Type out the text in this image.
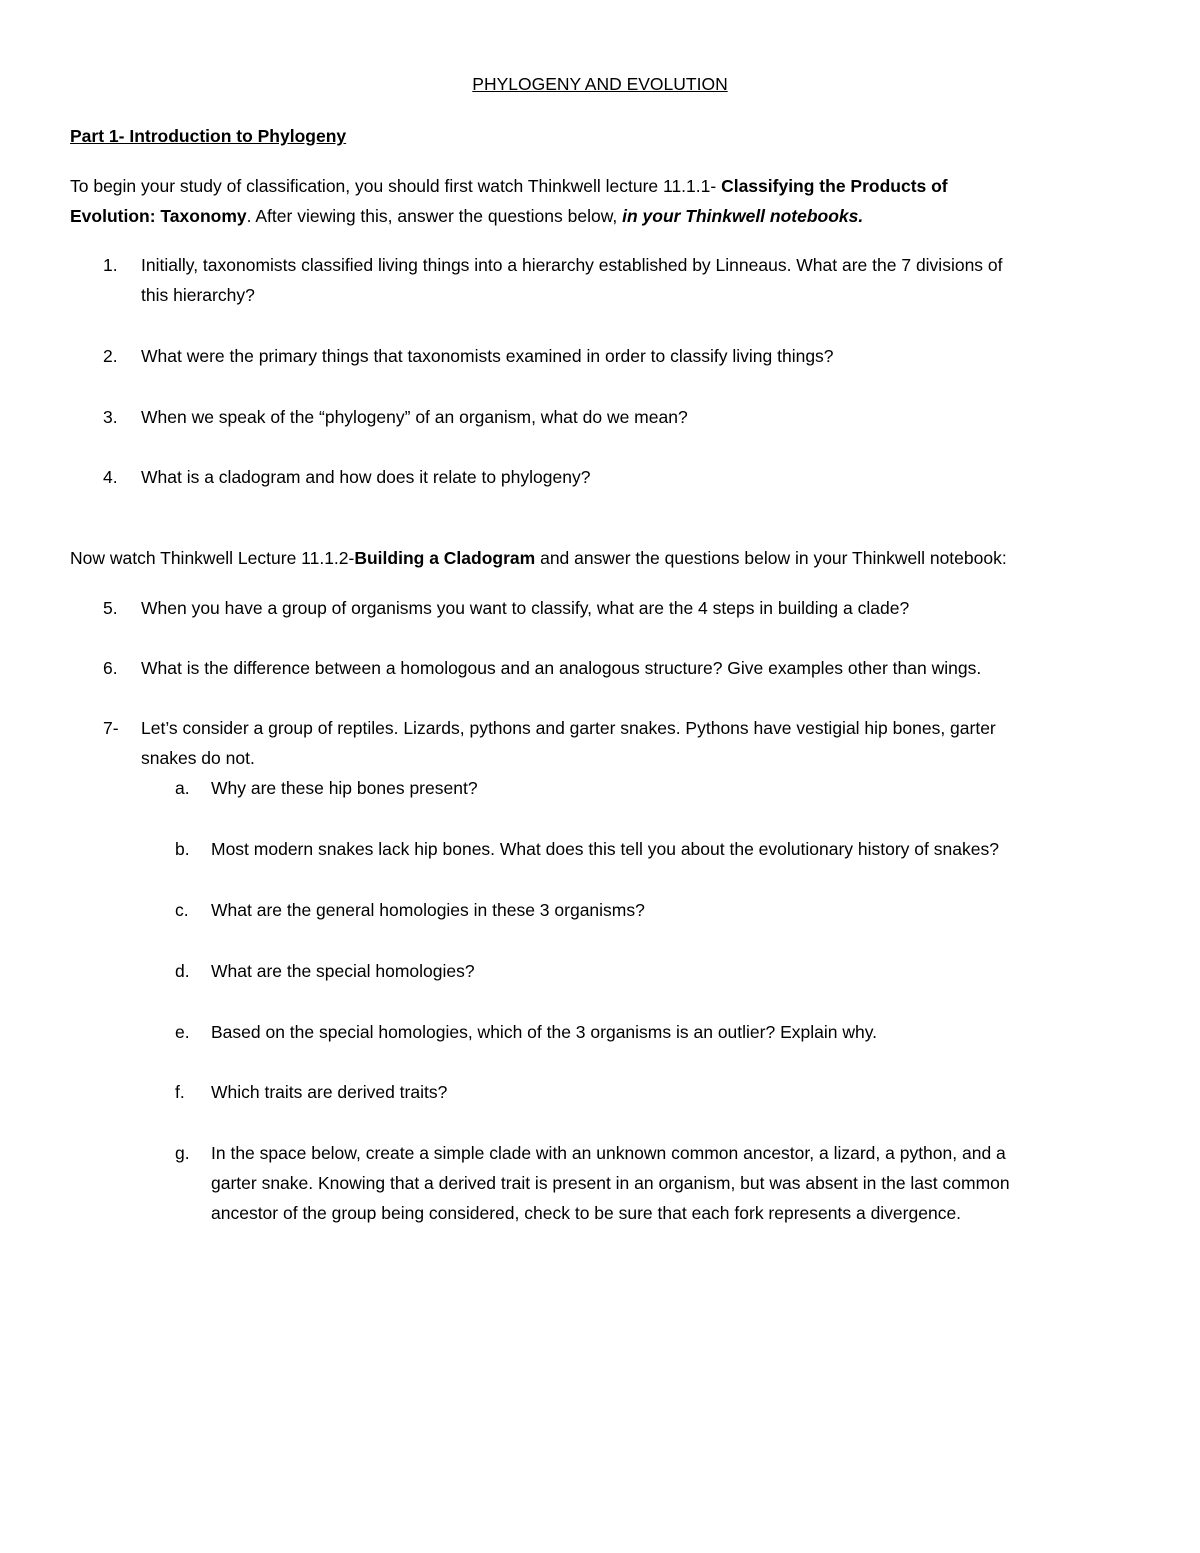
PHYLOGENY AND EVOLUTION
Part 1- Introduction to Phylogeny
To begin your study of classification, you should first watch Thinkwell lecture 11.1.1- Classifying the Products of
Evolution: Taxonomy. After viewing this, answer the questions below, in your Thinkwell notebooks.
1. Initially, taxonomists classified living things into a hierarchy established by Linneaus. What are the 7 divisions of
this hierarchy?
2. What were the primary things that taxonomists examined in order to classify living things?
3. When we speak of the “phylogeny” of an organism, what do we mean?
4. What is a cladogram and how does it relate to phylogeny?
Now watch Thinkwell Lecture 11.1.2-Building a Cladogram and answer the questions below in your Thinkwell notebook:
5. When you have a group of organisms you want to classify, what are the 4 steps in building a clade?
6. What is the difference between a homologous and an analogous structure? Give examples other than wings.
7- Let’s consider a group of reptiles. Lizards, pythons and garter snakes. Pythons have vestigial hip bones, garter
snakes do not.
a. Why are these hip bones present?
b. Most modern snakes lack hip bones. What does this tell you about the evolutionary history of snakes?
c. What are the general homologies in these 3 organisms?
d. What are the special homologies?
e. Based on the special homologies, which of the 3 organisms is an outlier? Explain why.
f. Which traits are derived traits?
g. In the space below, create a simple clade with an unknown common ancestor, a lizard, a python, and a
garter snake. Knowing that a derived trait is present in an organism, but was absent in the last common
ancestor of the group being considered, check to be sure that each fork represents a divergence.
